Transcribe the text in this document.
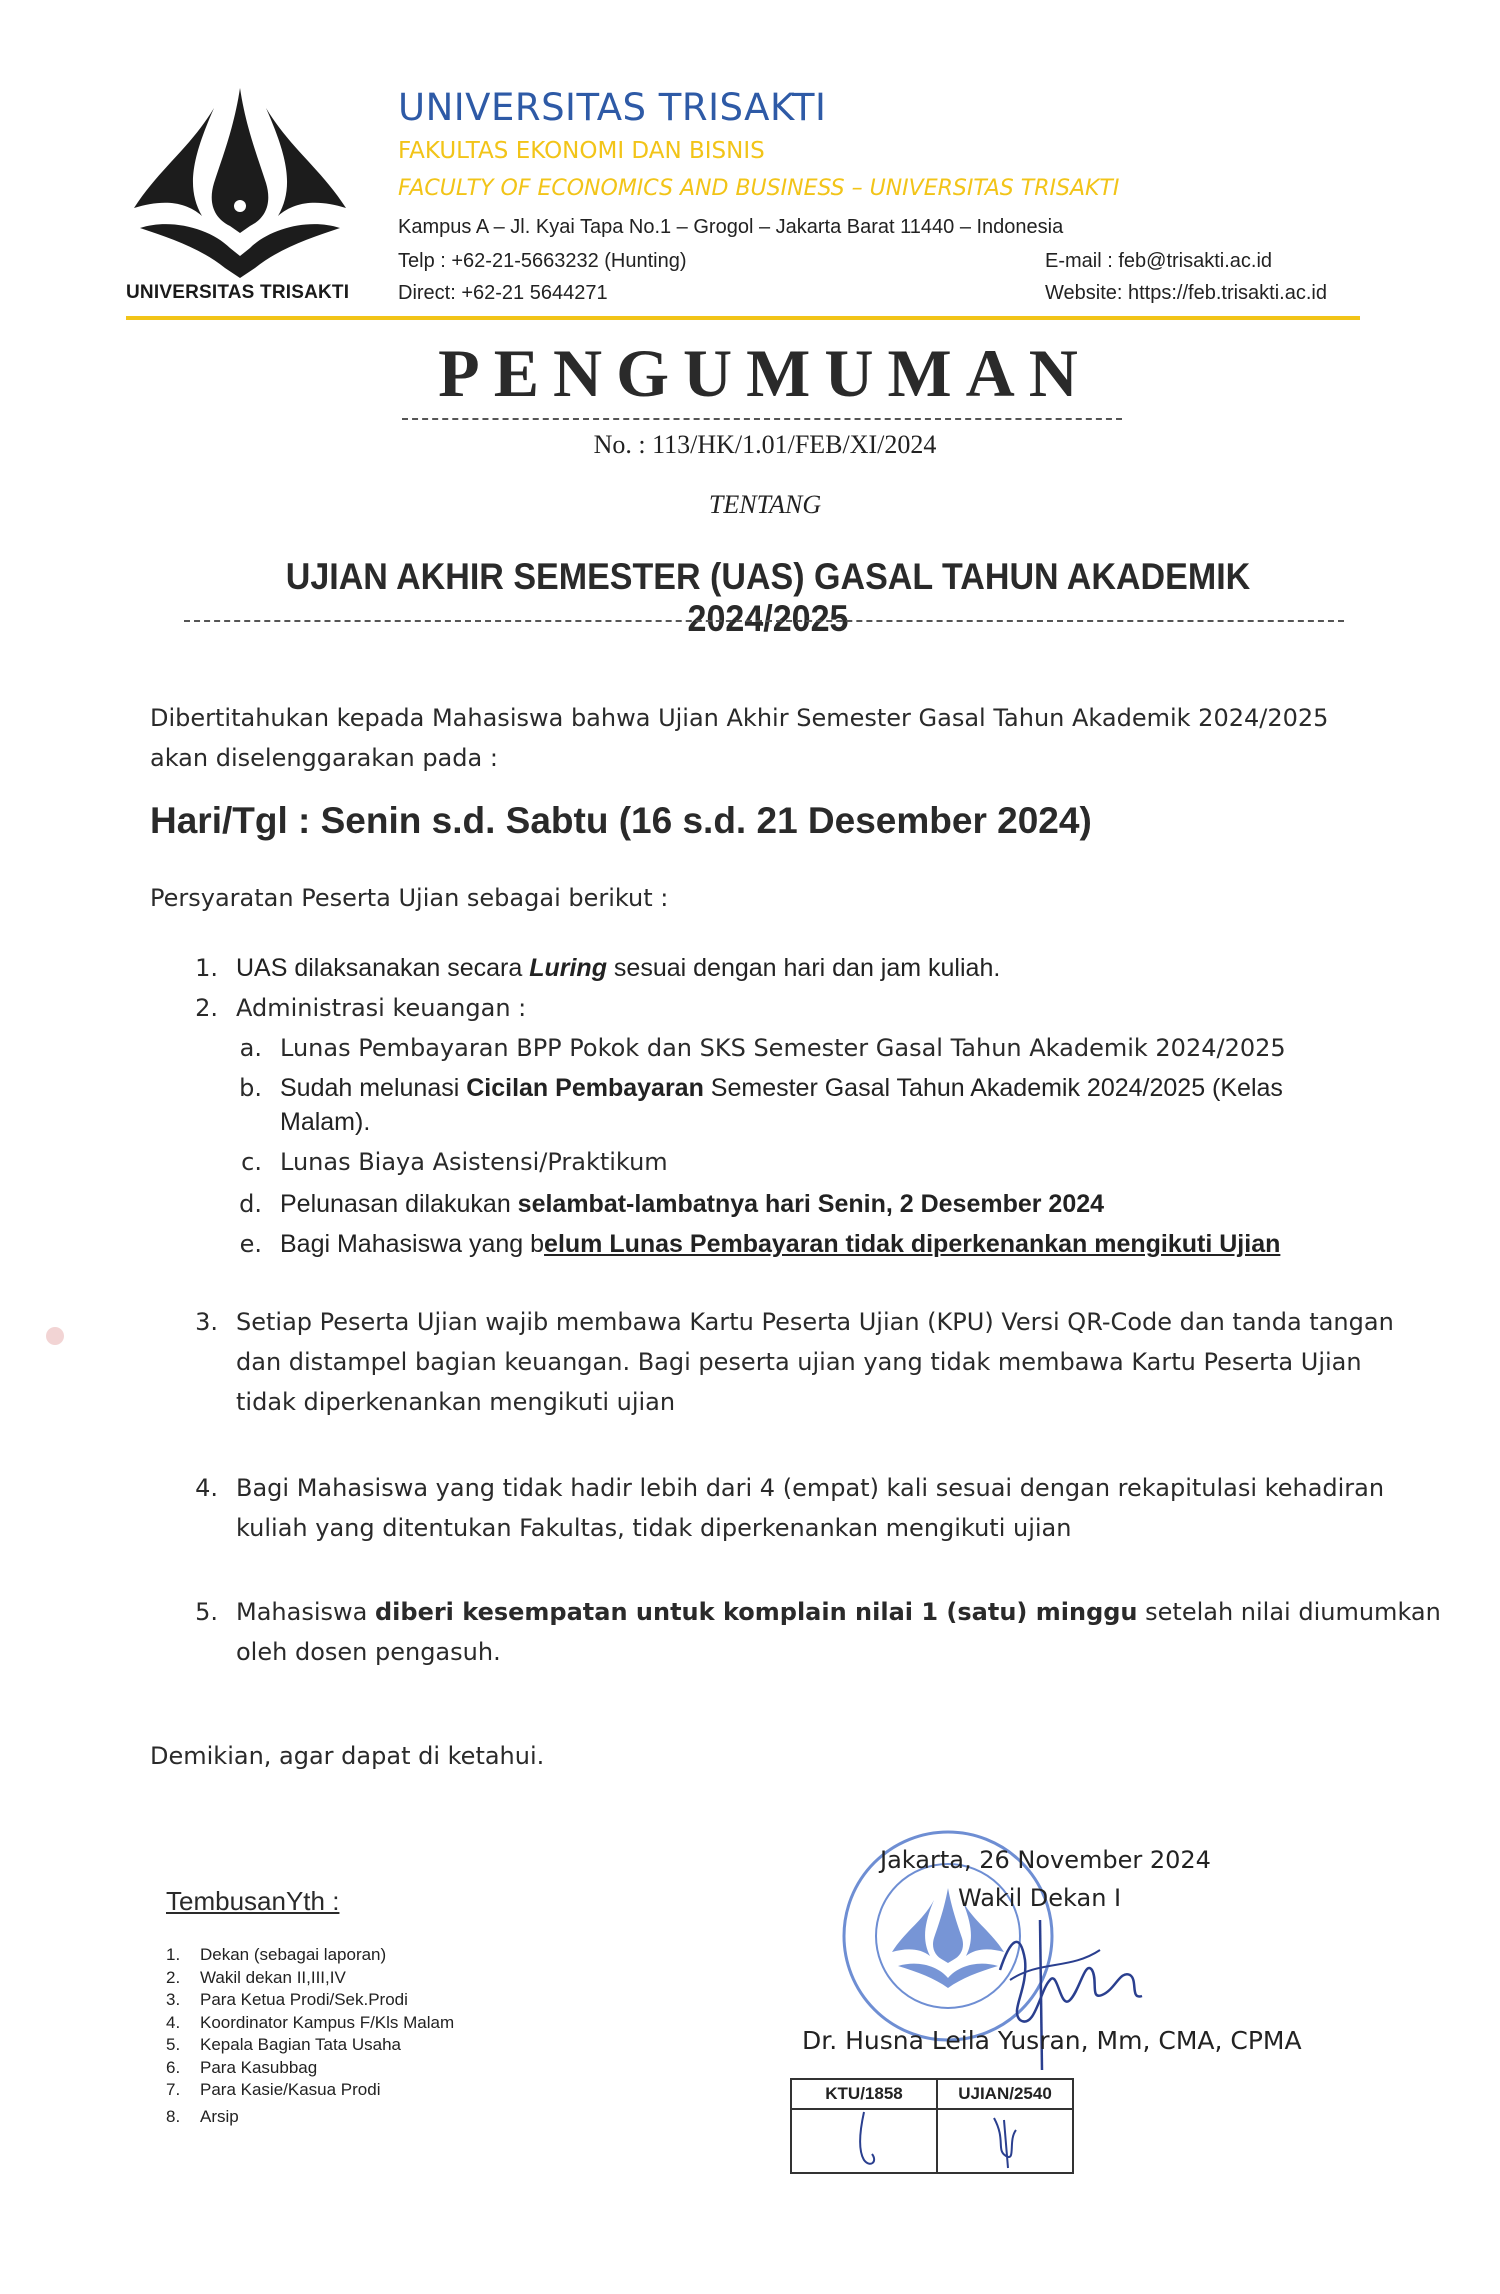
UNIVERSITAS TRISAKTI
UNIVERSITAS TRISAKTI
FAKULTAS EKONOMI DAN BISNIS
FACULTY OF ECONOMICS AND BUSINESS – UNIVERSITAS TRISAKTI
Kampus A – Jl. Kyai Tapa No.1 – Grogol – Jakarta Barat 11440 – Indonesia
Telp : +62-21-5663232 (Hunting)
Direct: +62-21 5644271
E-mail : feb@trisakti.ac.id
Website: https://feb.trisakti.ac.id
PENGUMUMAN
No. : 113/HK/1.01/FEB/XI/2024
TENTANG
UJIAN AKHIR SEMESTER (UAS) GASAL TAHUN AKADEMIK 2024/2025
Dibertitahukan kepada Mahasiswa bahwa Ujian Akhir Semester Gasal Tahun Akademik 2024/2025
akan diselenggarakan pada :
Hari/Tgl : Senin s.d. Sabtu (16 s.d. 21 Desember 2024)
Persyaratan Peserta Ujian sebagai berikut :
1. UAS dilaksanakan secara Luring sesuai dengan hari dan jam kuliah.
2. Administrasi keuangan :
a. Lunas Pembayaran BPP Pokok dan SKS Semester Gasal Tahun Akademik 2024/2025
b. Sudah melunasi Cicilan Pembayaran Semester Gasal Tahun Akademik 2024/2025 (Kelas
Malam).
c. Lunas Biaya Asistensi/Praktikum
d. Pelunasan dilakukan selambat-lambatnya hari Senin, 2 Desember 2024
e. Bagi Mahasiswa yang belum Lunas Pembayaran tidak diperkenankan mengikuti Ujian
3. Setiap Peserta Ujian wajib membawa Kartu Peserta Ujian (KPU) Versi QR-Code dan tanda tangan
dan distampel bagian keuangan. Bagi peserta ujian yang tidak membawa Kartu Peserta Ujian
tidak diperkenankan mengikuti ujian
4. Bagi Mahasiswa yang tidak hadir lebih dari 4 (empat) kali sesuai dengan rekapitulasi kehadiran
kuliah yang ditentukan Fakultas, tidak diperkenankan mengikuti ujian
5. Mahasiswa diberi kesempatan untuk komplain nilai 1 (satu) minggu setelah nilai diumumkan
oleh dosen pengasuh.
Demikian, agar dapat di ketahui.
TembusanYth :
1. Dekan (sebagai laporan)
2. Wakil dekan II,III,IV
3. Para Ketua Prodi/Sek.Prodi
4. Koordinator Kampus F/Kls Malam
5. Kepala Bagian Tata Usaha
6. Para Kasubbag
7. Para Kasie/Kasua Prodi
8. Arsip
Jakarta, 26 November 2024
Wakil Dekan I
Dr. Husna Leila Yusran, Mm, CMA, CPMA
KTU/1858	UJIAN/2540
